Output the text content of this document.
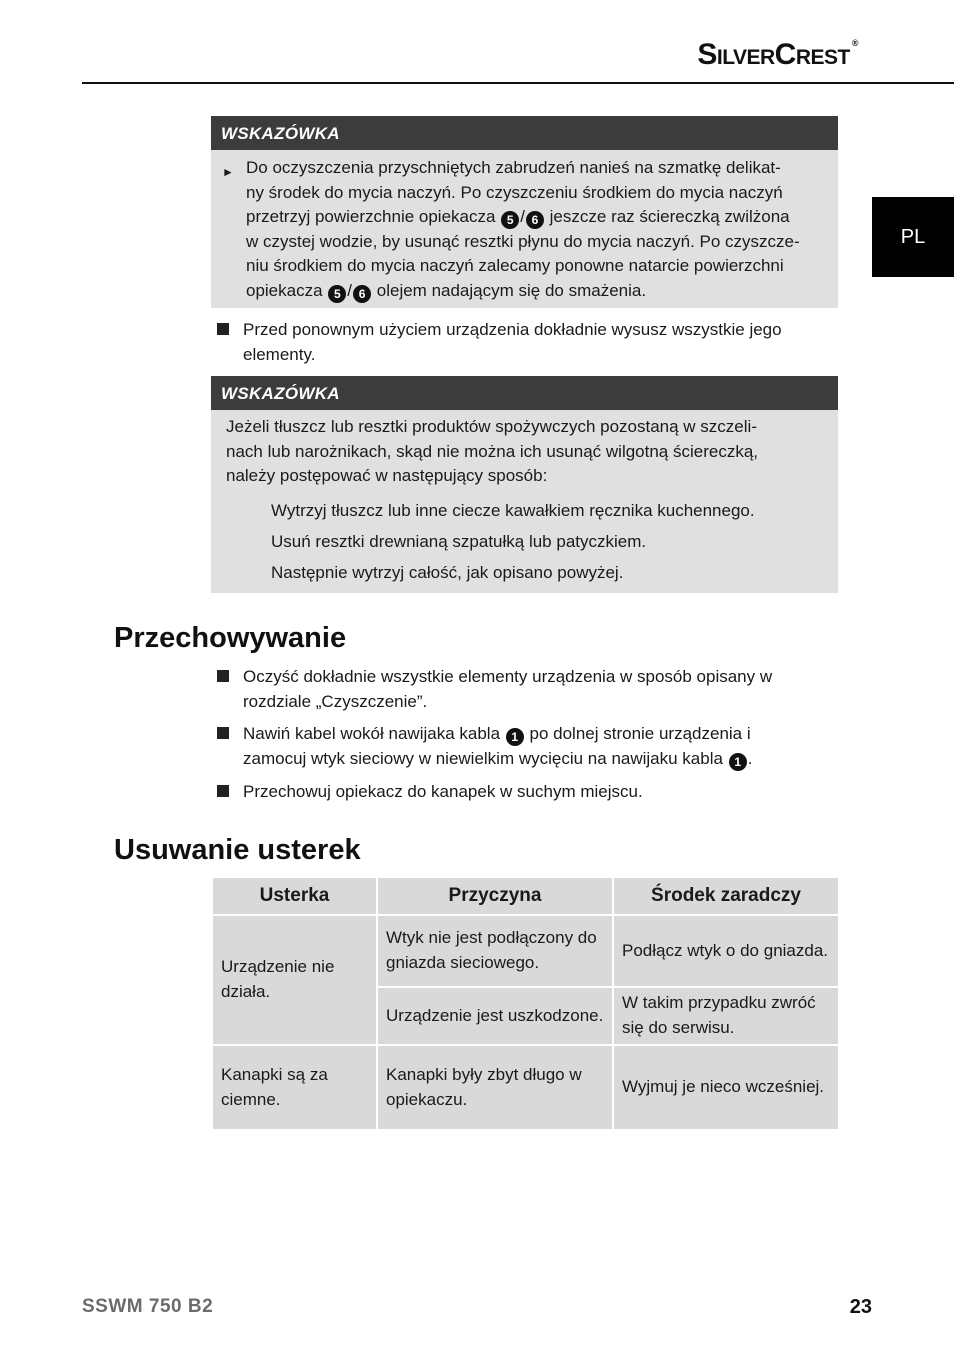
SilverCrest ®
PL
WSKAZÓWKA
► Do oczyszczenia przyschniętych zabrudzeń nanieś na szmatkę delikat-
ny środek do mycia naczyń. Po czyszczeniu środkiem do mycia naczyń
przetrzyj powierzchnie opiekacza 5 / 6 jeszcze raz ściereczką zwilżona
w czystej wodzie, by usunąć resztki płynu do mycia naczyń. Po czyszcze-
niu środkiem do mycia naczyń zalecamy ponowne natarcie powierzchni
opiekacza 5 / 6 olejem nadającym się do smażenia.
Przed ponownym użyciem urządzenia dokładnie wysusz wszystkie jego elementy.
WSKAZÓWKA
Jeżeli tłuszcz lub resztki produktów spożywczych pozostaną w szczeli- nach lub narożnikach, skąd nie można ich usunąć wilgotną ściereczką, należy postępować w następujący sposób:
Wytrzyj tłuszcz lub inne ciecze kawałkiem ręcznika kuchennego.
Usuń resztki drewnianą szpatułką lub patyczkiem.
Następnie wytrzyj całość, jak opisano powyżej.
Przechowywanie
Oczyść dokładnie wszystkie elementy urządzenia w sposób opisany w rozdziale „Czyszczenie”.
Nawiń kabel wokół nawijaka kabla 1 po dolnej stronie urządzenia i zamocuj wtyk sieciowy w niewielkim wycięciu na nawijaku kabla 1 .
Przechowuj opiekacz do kanapek w suchym miejscu.
Usuwanie usterek
Usterka	Przyczyna	Środek zaradczy
Urządzenie nie działa.	Wtyk nie jest podłączony do gniazda sieciowego.	Podłącz wtyk o do gniazda.
	Urządzenie jest uszkodzone.	W takim przypadku zwróć się do serwisu.
Kanapki są za ciemne.	Kanapki były zbyt długo w opiekaczu.	Wyjmuj je nieco wcześniej.
SSWM 750 B2	23
